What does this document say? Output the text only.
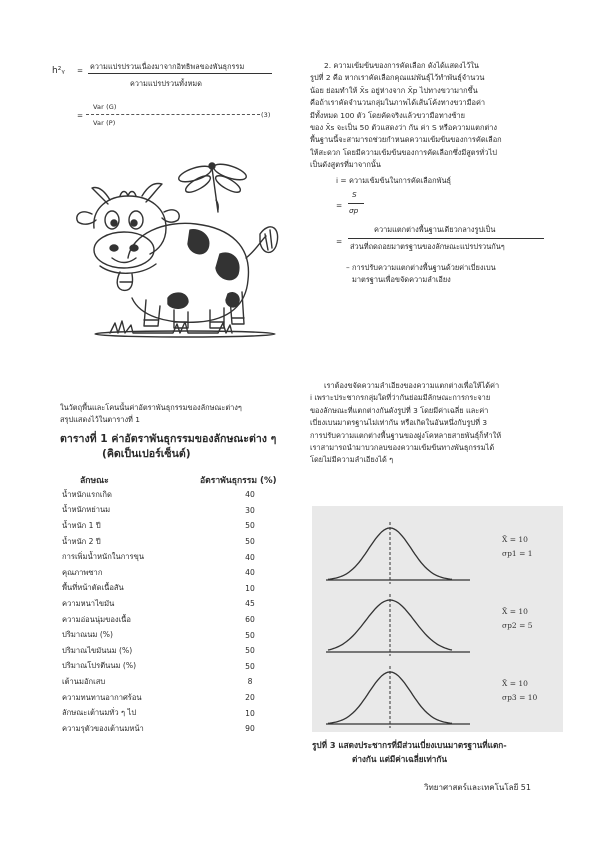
h²ᵧ = ความแปรปรวนเนื่องมาจากอิทธิพลของพันธุกรรม
ความแปรปรวนทั้งหมด
=
Var (G)
Var (P)
(3)

2. ความเข้มข้นของการคัดเลือก ดังได้แสดงไว้ใน

รูปที่ 2 คือ หากเราคัดเลือกคุณแม่พันธุ์ไว้ทำพันธุ์จำนวน

น้อย ย่อมทำให้ X̄s อยู่ห่างจาก X̄p ไปทางขวามากขึ้น

คือถ้าเราคัดจำนวนกลุ่มในภาพได้เส้นโค้งทางขวามือค่า

มีทั้งหมด 100 ตัว โดยคัดจริงแล้วขวามือทางซ้าย

ของ X̄s จะเป็น 50 ตัวแสดงว่า กัน ค่า S หรือความแตกต่าง

พื้นฐานนี้จะสามารถช่วยกำหนดความเข้มข้นของการคัดเลือก

ให้สะดวก โดยมีความเข้มข้นของการคัดเลือกซึ่งมีสูตรทั่วไป

เป็นดังสูตรที่มาจากนั้น

i = ความเข้มข้นในการคัดเลือกพันธุ์
=
S
σp
=
ความแตกต่างพื้นฐานเดียวกลางรูปเป็น
ส่วนที่ถดถอยมาตรฐานของลักษณะแปรปรวนกันๆ

– การปรับความแตกต่างพื้นฐานด้วยค่าเบี่ยงเบน

มาตรฐานเพื่อขจัดความลำเอียง

ในวัตถุพื้นและโคนนั้นค่าอัตราพันธุกรรมของลักษณะต่างๆ

สรุปแสดงไว้ในตารางที่ 1

ตารางที่ 1 ค่าอัตราพันธุกรรมของลักษณะต่าง ๆ
(คิดเป็นเปอร์เซ็นต์)
ลักษณะ	อัตราพันธุกรรม (%)
น้ำหนักแรกเกิด	40
น้ำหนักหย่านม	30
น้ำหนัก 1 ปี	50
น้ำหนัก 2 ปี	50
การเพิ่มน้ำหนักในการขุน	40
คุณภาพซาก	40
พื้นที่หน้าตัดเนื้อสัน	10
ความหนาไขมัน	45
ความอ่อนนุ่มของเนื้อ	60
ปริมาณนม (%)	50
ปริมาณไขมันนม (%)	50
ปริมาณโปรตีนนม (%)	50
เต้านมอักเสบ	8
ความทนทานอากาศร้อน	20
ลักษณะเต้านมทั่ว ๆ ไป	10
ความรุตัวของเต้านมหน้า	90

เราต้องขจัดความลำเอียงของความแตกต่างเพื่อให้ได้ค่า

i เพราะประชากรกลุ่มใดที่ว่ากันย่อมมีลักษณะการกระจาย

ของลักษณะที่แตกต่างกันดังรูปที่ 3 โดยมีค่าเฉลี่ย และค่า

เบี่ยงเบนมาตรฐานไม่เท่ากัน หรือเกิดในอันหนึ่งกับรูปที่ 3

การปรับความแตกต่างพื้นฐานของฝูงโคหลายสายพันธุ์ก็ทำให้

เราสามารถนำมาบวกลบของความเข้มข้นทางพันธุกรรมได้

โดยไม่มีความลำเอียงได้ ๆ

X̄ = 10
σp1 = 1
X̄ = 10
σp2 = 5
X̄ = 10
σp3 = 10
รูปที่ 3 แสดงประชากรที่มีส่วนเบี่ยงเบนมาตรฐานที่แตก-
ต่างกัน แต่มีค่าเฉลี่ยเท่ากัน
วิทยาศาสตร์และเทคโนโลยี 51
